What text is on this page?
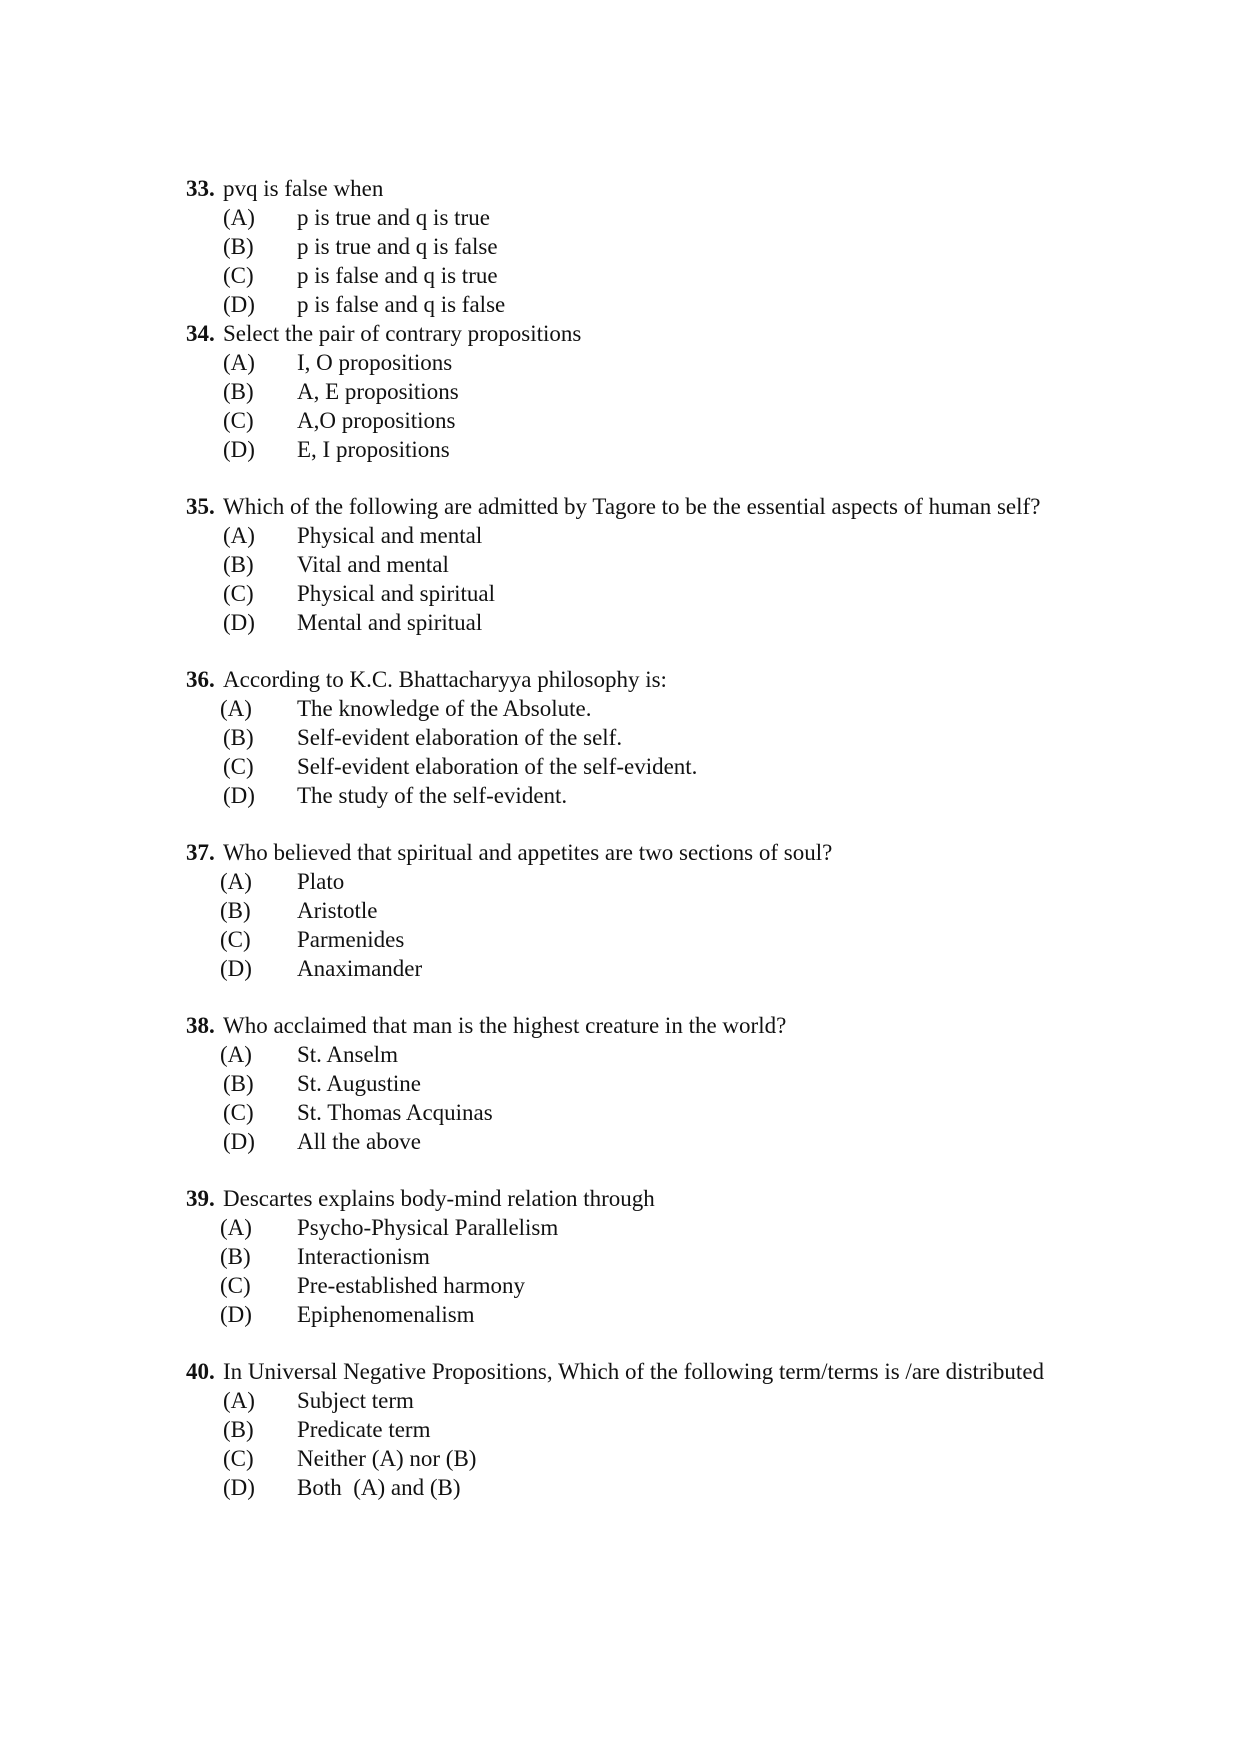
33. pvq is false when
(A)	p is true and q is true
(B)	p is true and q is false
(C)	p is false and q is true
(D)	p is false and q is false
34. Select the pair of contrary propositions
(A)	I, O propositions
(B)	A, E propositions
(C)	A,O propositions
(D)	E, I propositions
35. Which of the following are admitted by Tagore to be the essential aspects of human self?
(A)	Physical and mental
(B)	Vital and mental
(C)	Physical and spiritual
(D)	Mental and spiritual
36. According to K.C. Bhattacharyya philosophy is:
(A)	The knowledge of the Absolute.
(B)	Self-evident elaboration of the self.
(C)	Self-evident elaboration of the self-evident.
(D)	The study of the self-evident.
37. Who believed that spiritual and appetites are two sections of soul?
(A)	Plato
(B)	Aristotle
(C)	Parmenides
(D)	Anaximander
38. Who acclaimed that man is the highest creature in the world?
(A)	St. Anselm
(B)	St. Augustine
(C)	St. Thomas Acquinas
(D)	All the above
39. Descartes explains body-mind relation through
(A)	Psycho-Physical Parallelism
(B)	Interactionism
(C)	Pre-established harmony
(D)	Epiphenomenalism
40. In Universal Negative Propositions, Which of the following term/terms is /are distributed
(A)	Subject term
(B)	Predicate term
(C)	Neither (A) nor (B)
(D)	Both  (A) and (B)
